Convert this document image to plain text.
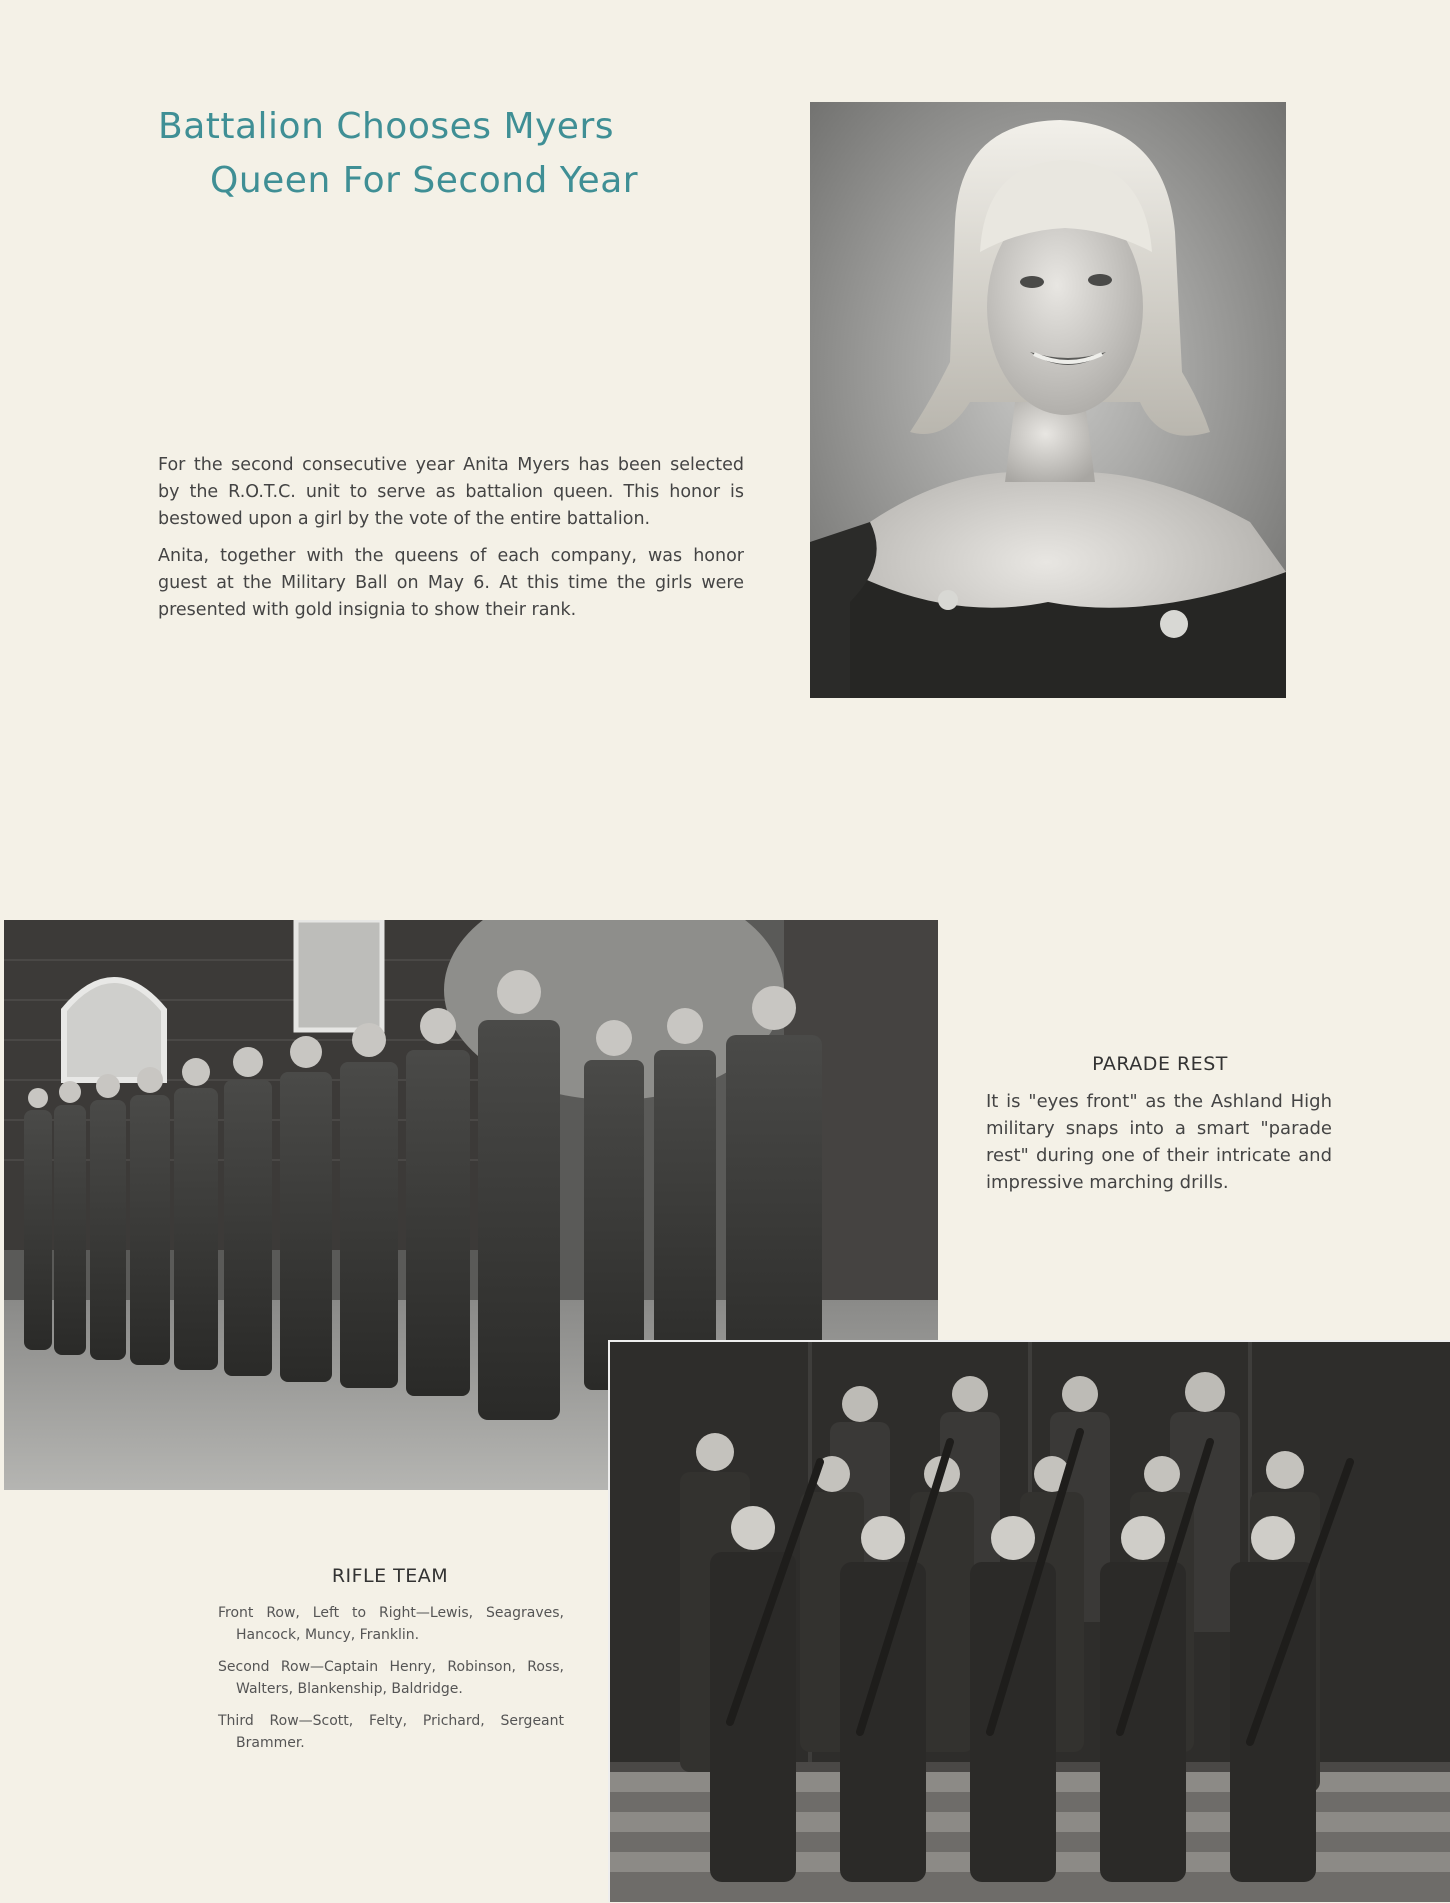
Battalion Chooses Myers
Queen For Second Year

For the second consecutive year Anita Myers has been selected by the R.O.T.C. unit to serve as battalion queen. This honor is bestowed upon a girl by the vote of the entire battalion.

Anita, together with the queens of each company, was honor guest at the Military Ball on May 6. At this time the girls were presented with gold insignia to show their rank.

PARADE REST

It is "eyes front" as the Ashland High military snaps into a smart "parade rest" during one of their intricate and impressive marching drills.

RIFLE TEAM

Front Row, Left to Right—Lewis, Seagraves, Hancock, Muncy, Franklin.

Second Row—Captain Henry, Robinson, Ross, Walters, Blankenship, Baldridge.

Third Row—Scott, Felty, Prichard, Sergeant Brammer.
